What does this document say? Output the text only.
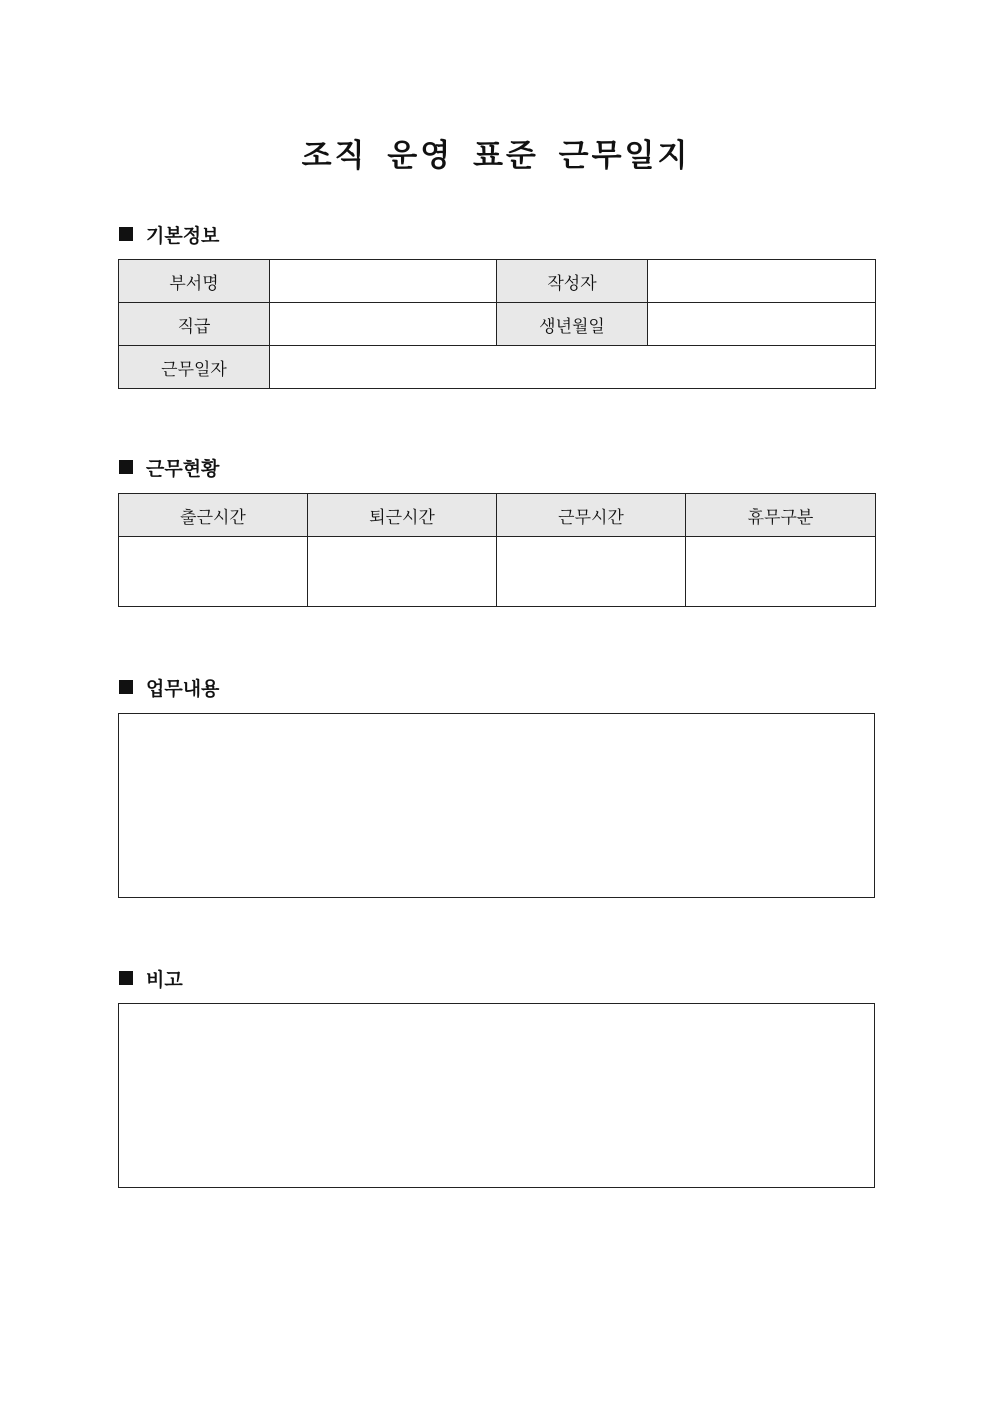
조직 운영 표준 근무일지
기본정보
부서명		작성자	
직급		생년월일	
근무일자			
근무현황
출근시간	퇴근시간	근무시간	휴무구분

업무내용
비고
